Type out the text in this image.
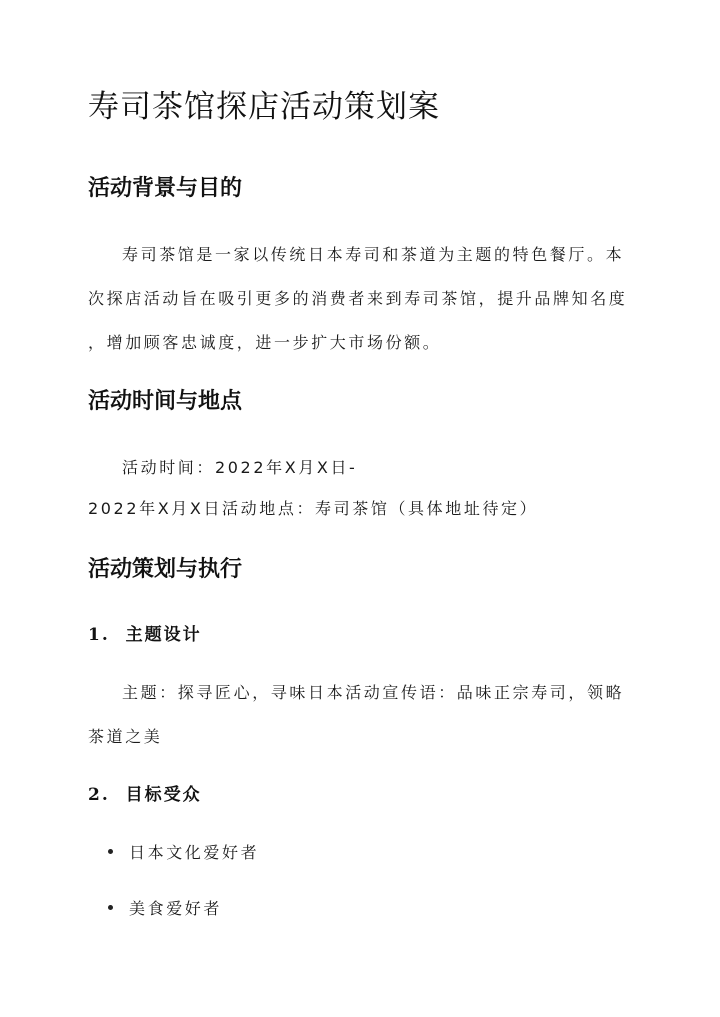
寿司茶馆探店活动策划案
活动背景与目的
寿司茶馆是一家以传统日本寿司和茶道为主题的特色餐厅。本
次探店活动旨在吸引更多的消费者来到寿司茶馆，提升品牌知名度
，增加顾客忠诚度，进一步扩大市场份额。
活动时间与地点
活动时间：2022年X月X日-
2022年X月X日活动地点：寿司茶馆（具体地址待定）
活动策划与执行
1.  主题设计
主题：探寻匠心，寻味日本活动宣传语：品味正宗寿司，领略
茶道之美
2.  目标受众
日本文化爱好者
美食爱好者
